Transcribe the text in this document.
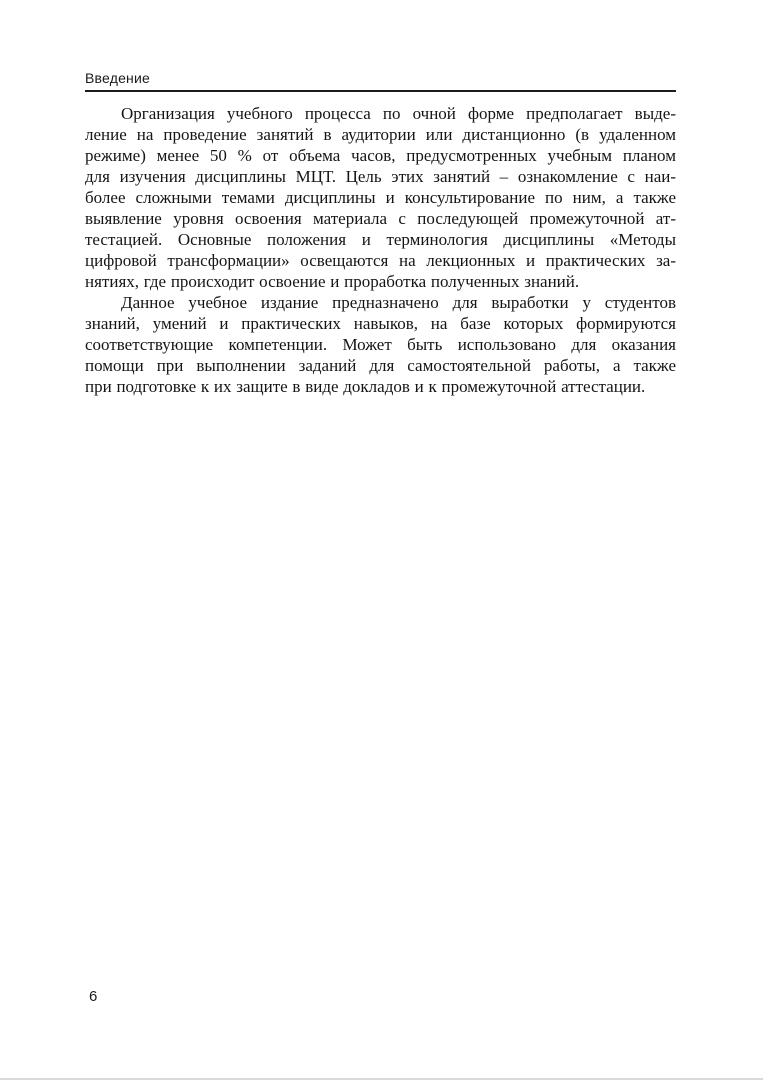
Введение
Организация учебного процесса по очной форме предполагает выде-
ление на проведение занятий в аудитории или дистанционно (в удаленном
режиме) менее 50 % от объема часов, предусмотренных учебным планом
для изучения дисциплины МЦТ. Цель этих занятий – ознакомление с наи-
более сложными темами дисциплины и консультирование по ним, а также
выявление уровня освоения материала с последующей промежуточной ат-
тестацией. Основные положения и терминология дисциплины «Методы
цифровой трансформации» освещаются на лекционных и практических за-
нятиях, где происходит освоение и проработка полученных знаний.
Данное учебное издание предназначено для выработки у студентов
знаний, умений и практических навыков, на базе которых формируются
соответствующие компетенции. Может быть использовано для оказания
помощи при выполнении заданий для самостоятельной работы, а также
при подготовке к их защите в виде докладов и к промежуточной аттестации.
6
